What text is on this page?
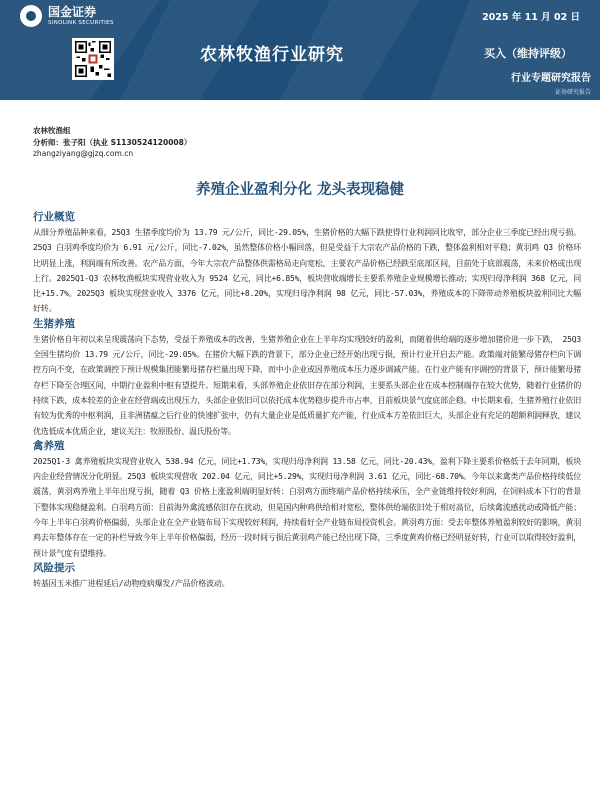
国金证券
SINOLINK SECURITIES	2025 年 11 月 02 日
农林牧渔行业研究	买入（维持评级）
行业专题研究报告
证券研究报告
农林牧渔组
分析师：张子阳（执业 S1130524120008）
zhangziyang@gjzq.com.cn
养殖企业盈利分化 龙头表现稳健
行业概览

从细分养殖品种来看，25Q3 生猪季度均价为 13.79 元/公斤，同比-29.05%，生猪价格的大幅下跌使得行业利润同比收窄，部分企业三季度已经出现亏损。25Q3 白羽鸡季度均价为 6.91 元/公斤，同比-7.02%，虽然整体价格小幅回落，但是受益于大宗农产品价格的下跌，整体盈利相对平稳；黄羽鸡 Q3 价格环比明显上涨，利润端有所改善。农产品方面，今年大宗农产品整体供需格局走向宽松，主要农产品价格已经跌至底部区间，目前处于底部震荡，未来价格或出现上行。2025Q1-Q3 农林牧渔板块实现营业收入为 9524 亿元，同比+6.85%，板块营收端增长主要系养殖企业规模增长推动；实现归母净利润 368 亿元，同比+15.7%。2025Q3 板块实现营业收入 3376 亿元，同比+8.20%，实现归母净利润 98 亿元，同比-57.03%，养殖成本的下降带动养殖板块盈利同比大幅好转。

生猪养殖

生猪价格自年初以来呈现震荡向下态势，受益于养殖成本的改善，生猪养殖企业在上半年均实现较好的盈利，而随着供给端的逐步增加猪价进一步下跌， 25Q3 全国生猪均价 13.79 元/公斤，同比-29.05%。在猪价大幅下跌的背景下，部分企业已经开始出现亏损，预计行业开启去产能。政策端对能繁母猪存栏向下调控方向不变，在政策调控下预计规模集团能繁母猪存栏量出现下降，而中小企业或因养殖成本压力逐步调减产能。在行业产能有序调控的背景下，预计能繁母猪存栏下降至合理区间，中期行业盈利中枢有望提升。短期来看，头部养殖企业依旧存在部分利润，主要系头部企业在成本控制端存在较大优势，随着行业猪价的持续下跌，成本较差的企业在经营端或出现压力，头部企业依旧可以依托成本优势稳步提升市占率，目前板块景气度底部企稳。中长期来看，生猪养殖行业依旧有较为优秀的中枢利润，且非洲猪瘟之后行业的快速扩张中，仍有大量企业是低质量扩充产能，行业成本方差依旧巨大，头部企业有充足的超额利润释放，建议优选低成本优质企业，建议关注：牧原股份、温氏股份等。

禽养殖

2025Q1-3 禽养殖板块实现营业收入 538.94 亿元，同比+1.73%，实现归母净利润 13.58 亿元，同比-20.43%，盈利下降主要系价格低于去年同期，板块内企业经营情况分化明显。25Q3 板块实现营收 202.04 亿元，同比+5.29%，实现归母净利润 3.61 亿元，同比-68.70%。今年以来禽类产品价格持续低位震荡，黄羽鸡养殖上半年出现亏损，随着 Q3 价格上涨盈利端明显好转：白羽鸡方面终端产品价格持续承压，全产业链维持较好利润，在饲料成本下行的背景下整体实现稳健盈利。白羽鸡方面：目前海外禽流感依旧存在扰动，但是国内种鸡供给相对宽松，整体供给端依旧处于相对高位，后续禽流感扰动或降低产能；今年上半年白羽鸡价格偏弱，头部企业在全产业链布局下实现较好利润，持续看好全产业链布局投资机会。黄羽鸡方面：受去年整体养殖盈利较好的影响，黄羽鸡去年整体存在一定的补栏导致今年上半年价格偏弱，经历一段时间亏损后黄羽鸡产能已经出现下降，三季度黄鸡价格已经明显好转，行业可以取得较好盈利，预计景气度有望维持。

风险提示

转基因玉米推广进程延后/动物疫病爆发/产品价格波动。
